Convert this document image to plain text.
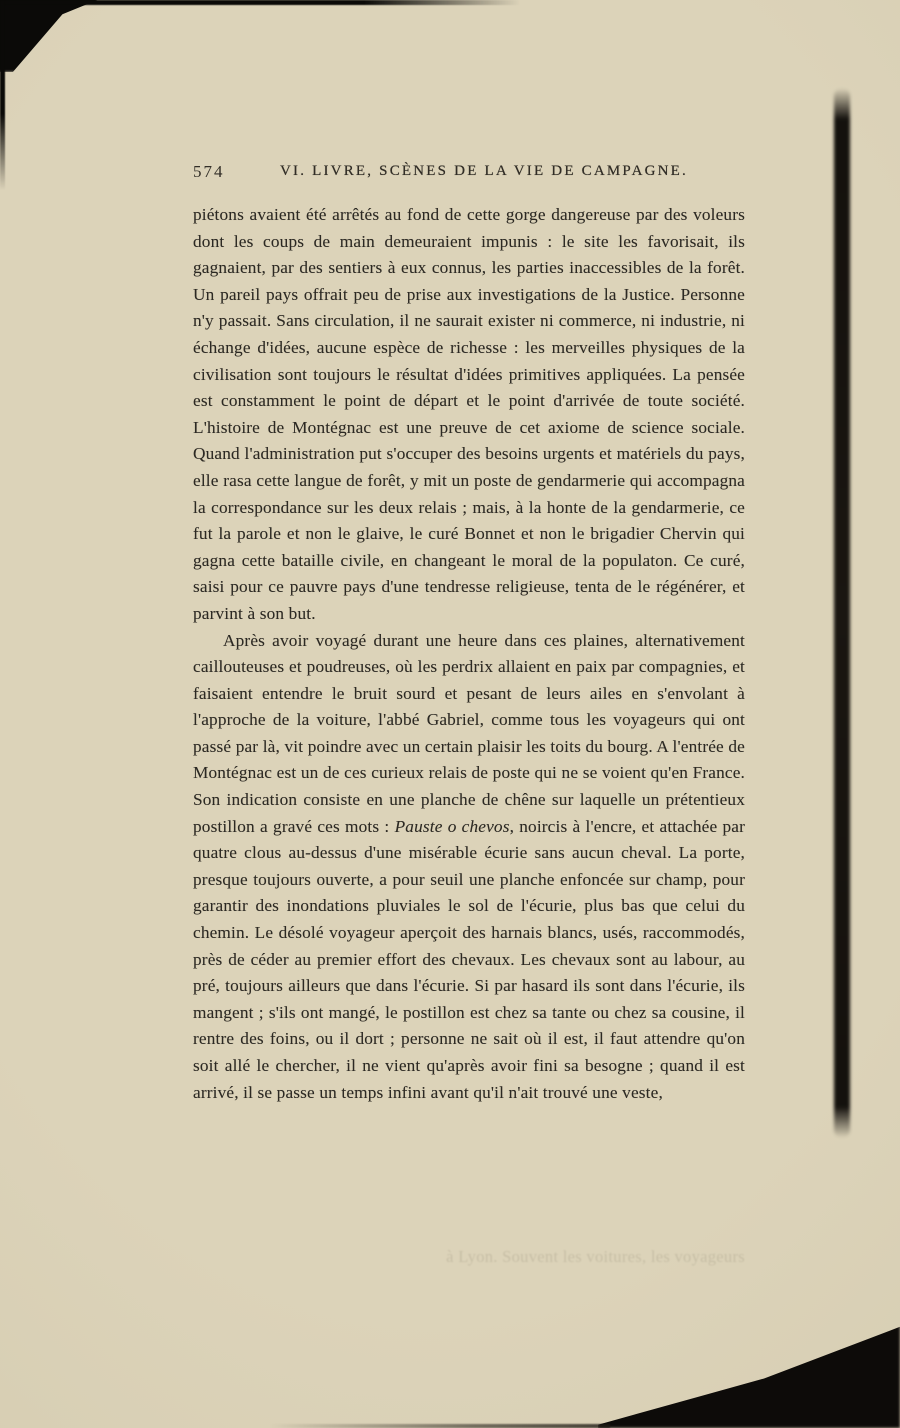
574	VI. LIVRE, SCÈNES DE LA VIE DE CAMPAGNE.

piétons avaient été arrêtés au fond de cette gorge dangereuse par des voleurs dont les coups de main demeuraient impunis : le site les favorisait, ils gagnaient, par des sentiers à eux connus, les parties inaccessibles de la forêt. Un pareil pays offrait peu de prise aux investigations de la Justice. Personne n'y passait. Sans circulation, il ne saurait exister ni commerce, ni industrie, ni échange d'idées, aucune espèce de richesse : les merveilles physiques de la civilisation sont toujours le résultat d'idées primitives appliquées. La pensée est constamment le point de départ et le point d'arrivée de toute société. L'histoire de Montégnac est une preuve de cet axiome de science sociale. Quand l'administration put s'occuper des besoins urgents et matériels du pays, elle rasa cette langue de forêt, y mit un poste de gendarmerie qui accompagna la correspondance sur les deux relais ; mais, à la honte de la gendarmerie, ce fut la parole et non le glaive, le curé Bonnet et non le brigadier Chervin qui gagna cette bataille civile, en changeant le moral de la populaton. Ce curé, saisi pour ce pauvre pays d'une tendresse religieuse, tenta de le régénérer, et parvint à son but.

Après avoir voyagé durant une heure dans ces plaines, alternativement caillouteuses et poudreuses, où les perdrix allaient en paix par compagnies, et faisaient entendre le bruit sourd et pesant de leurs ailes en s'envolant à l'approche de la voiture, l'abbé Gabriel, comme tous les voyageurs qui ont passé par là, vit poindre avec un certain plaisir les toits du bourg. A l'entrée de Montégnac est un de ces curieux relais de poste qui ne se voient qu'en France. Son indication consiste en une planche de chêne sur laquelle un prétentieux postillon a gravé ces mots : Pauste o chevos, noircis à l'encre, et attachée par quatre clous au-dessus d'une misérable écurie sans aucun cheval. La porte, presque toujours ouverte, a pour seuil une planche enfoncée sur champ, pour garantir des inondations pluviales le sol de l'écurie, plus bas que celui du chemin. Le désolé voyageur aperçoit des harnais blancs, usés, raccommodés, près de céder au premier effort des chevaux. Les chevaux sont au labour, au pré, toujours ailleurs que dans l'écurie. Si par hasard ils sont dans l'écurie, ils mangent ; s'ils ont mangé, le postillon est chez sa tante ou chez sa cousine, il rentre des foins, ou il dort ; personne ne sait où il est, il faut attendre qu'on soit allé le chercher, il ne vient qu'après avoir fini sa besogne ; quand il est arrivé, il se passe un temps infini avant qu'il n'ait trouvé une veste,

à Lyon. Souvent les voitures, les voyageurs
